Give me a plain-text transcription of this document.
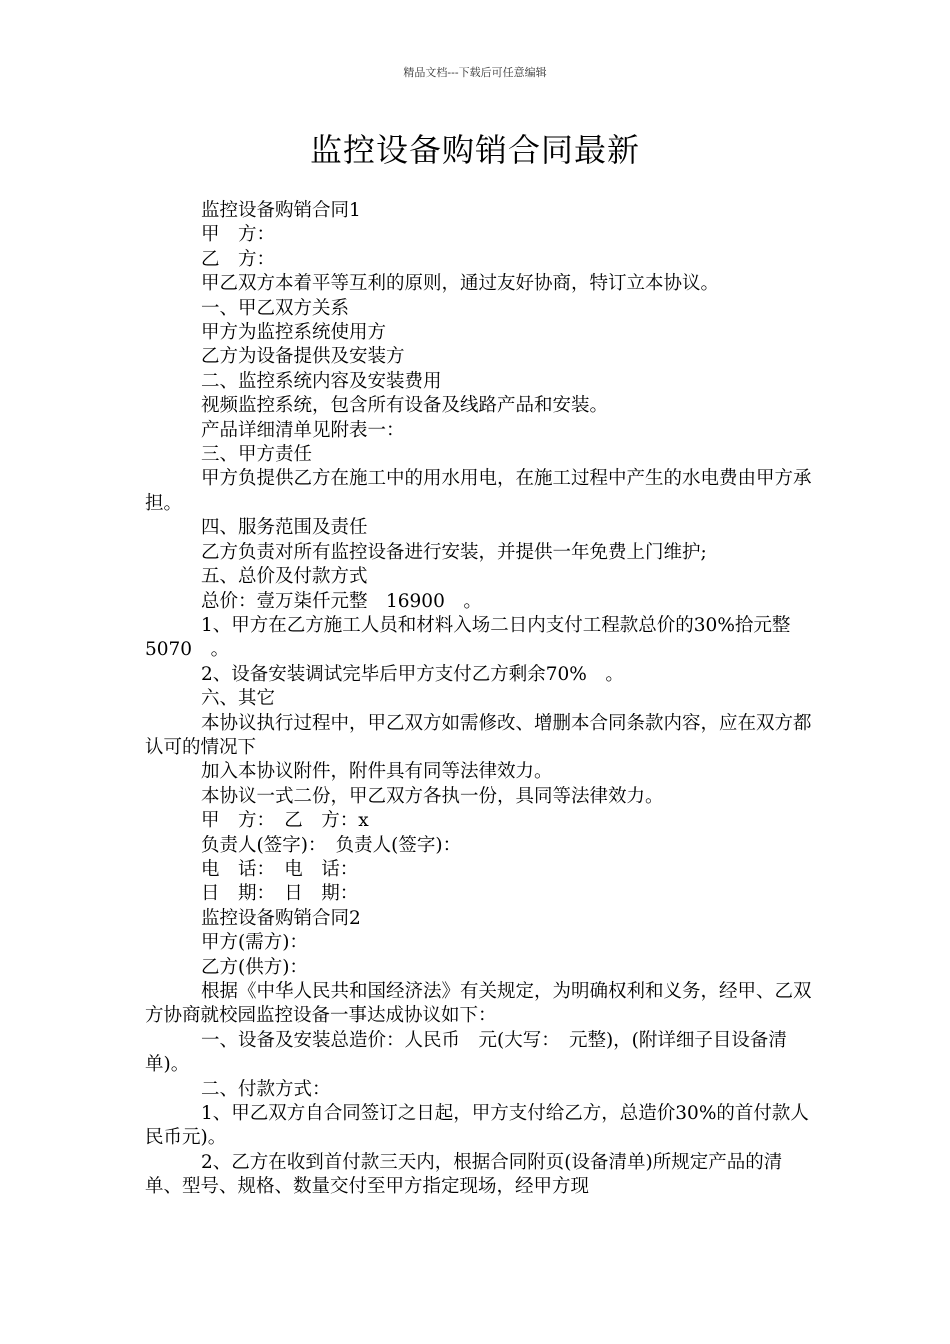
精品文档---下载后可任意编辑
监控设备购销合同最新

监控设备购销合同1

甲　方：

乙　方：

甲乙双方本着平等互利的原则，通过友好协商，特订立本协议。

一、甲乙双方关系

甲方为监控系统使用方

乙方为设备提供及安装方

二、监控系统内容及安装费用

视频监控系统，包含所有设备及线路产品和安装。

产品详细清单见附表一：

三、甲方责任

甲方负提供乙方在施工中的用水用电，在施工过程中产生的水电费由甲方承担。

四、服务范围及责任

乙方负责对所有监控设备进行安装，并提供一年免费上门维护;

五、总价及付款方式

总价：壹万柒仟元整　16900　。

1、甲方在乙方施工人员和材料入场二日内支付工程款总价的30%拾元整　5070　。

2、设备安装调试完毕后甲方支付乙方剩余70%　。

六、其它

本协议执行过程中，甲乙双方如需修改、增删本合同条款内容，应在双方都认可的情况下

加入本协议附件，附件具有同等法律效力。

本协议一式二份，甲乙双方各执一份，具同等法律效力。

甲　方：　乙　方：x

负责人(签字)：　负责人(签字)：

电　话：　电　话：

日　期：　日　期：

监控设备购销合同2

甲方(需方)：

乙方(供方)：

根据《中华人民共和国经济法》有关规定，为明确权利和义务，经甲、乙双方协商就校园监控设备一事达成协议如下：

一、设备及安装总造价：人民币　元(大写：　元整)，(附详细子目设备清单)。

二、付款方式：

1、甲乙双方自合同签订之日起，甲方支付给乙方，总造价30%的首付款人民币元)。

2、乙方在收到首付款三天内，根据合同附页(设备清单)所规定产品的清单、型号、规格、数量交付至甲方指定现场，经甲方现
